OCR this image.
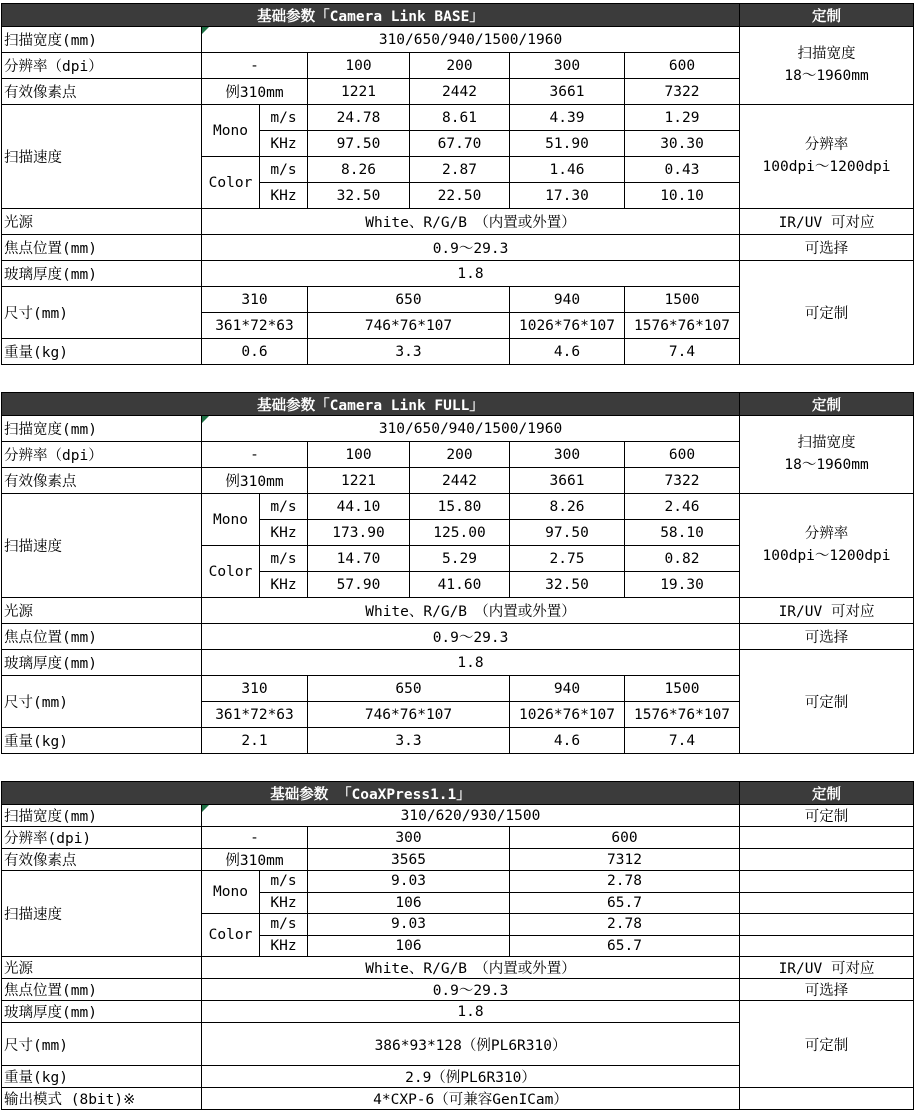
基础参数「Camera Link BASE」							定制
扫描宽度(mm)	310/650/940/1500/1960						扫描宽度
18～1960mm

分辨率（dpi）	-		100	200	300	600	
有效像素点	例310mm		1221	2442	3661	7322	
扫描速度	Mono	m/s	24.78	8.61	4.39	1.29	分辨率
100dpi～1200dpi

		KHz	97.50	67.70	51.90	30.30	
	Color	m/s	8.26	2.87	1.46	0.43	
		KHz	32.50	22.50	17.30	10.10	
光源	White、R/G/B　（内置或外置）						IR/UV 可对应
焦点位置(mm)	0.9～29.3						可选择
玻璃厚度(mm)	1.8						可定制
尺寸(mm)	310		650		940	1500	
	361*72*63		746*76*107		1026*76*107	1576*76*107	
重量(kg)	0.6		3.3		4.6	7.4	
基础参数「Camera Link FULL」							定制
扫描宽度(mm)	310/650/940/1500/1960						扫描宽度
18～1960mm

分辨率（dpi）	-		100	200	300	600	
有效像素点	例310mm		1221	2442	3661	7322	
扫描速度	Mono	m/s	44.10	15.80	8.26	2.46	分辨率
100dpi～1200dpi

		KHz	173.90	125.00	97.50	58.10	
	Color	m/s	14.70	5.29	2.75	0.82	
		KHz	57.90	41.60	32.50	19.30	
光源	White、R/G/B　（内置或外置）						IR/UV 可对应
焦点位置(mm)	0.9～29.3						可选择
玻璃厚度(mm)	1.8						可定制
尺寸(mm)	310		650		940	1500	
	361*72*63		746*76*107		1026*76*107	1576*76*107	
重量(kg)	2.1		3.3		4.6	7.4	
基础参数 「CoaXPress1.1」					定制
扫描宽度(mm)	310/620/930/1500				可定制
分辨率(dpi)	-		300	600	
有效像素点	例310mm		3565	7312	
扫描速度	Mono	m/s	9.03	2.78	
		KHz	106	65.7	
	Color	m/s	9.03	2.78	
		KHz	106	65.7	
光源	White、R/G/B　（内置或外置）				IR/UV 可对应
焦点位置(mm)	0.9～29.3				可选择
玻璃厚度(mm)	1.8				可定制
尺寸(mm)	386*93*128（例PL6R310）				
重量(kg)	2.9（例PL6R310）				
输出模式 (8bit)※	4*CXP-6（可兼容GenICam）				
